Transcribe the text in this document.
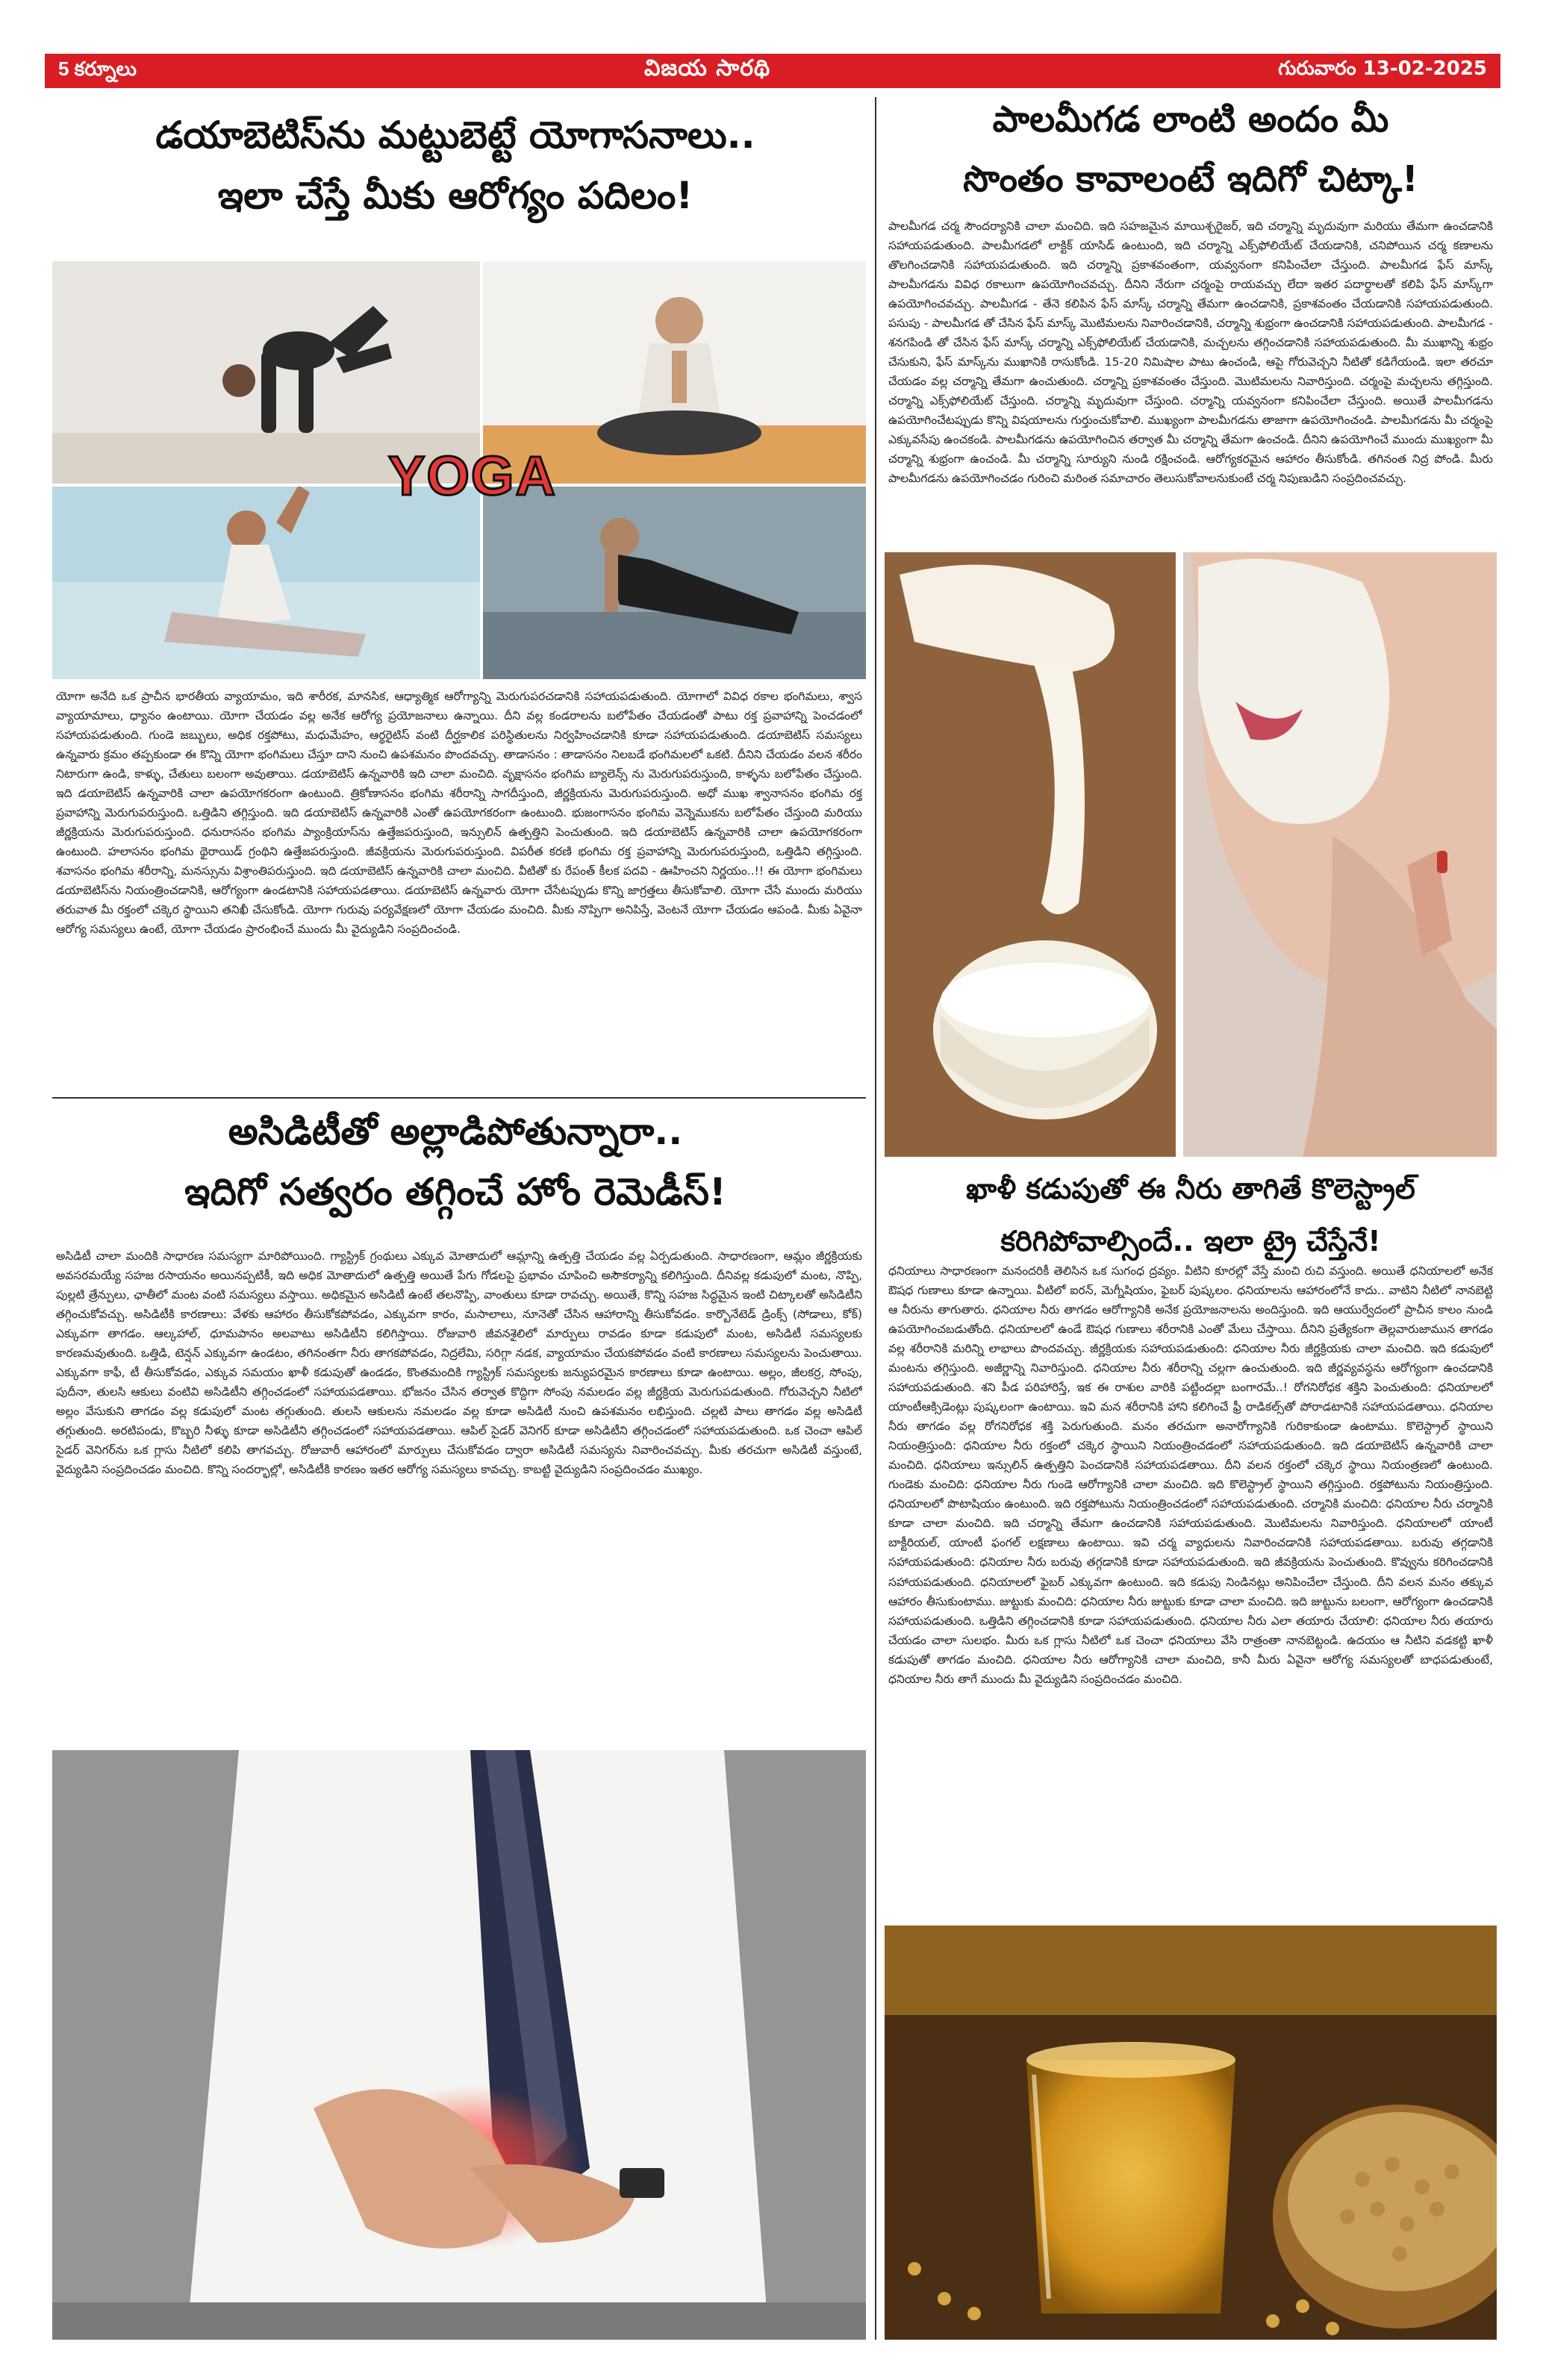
5 కర్నూలు	విజయ సారథి	గురువారం 13-02-2025
డయాబెటిస్‌ను మట్టుబెట్టే యోగాసనాలు..
ఇలా చేస్తే మీకు ఆరోగ్యం పదిలం!
YOGA
యోగా అనేది ఒక ప్రాచీన భారతీయ వ్యాయామం, ఇది శారీరక, మానసిక, ఆధ్యాత్మిక ఆరోగ్యాన్ని మెరుగుపరచడానికి సహాయపడుతుంది. యోగాలో వివిధ రకాల భంగిమలు, శ్వాస వ్యాయామాలు, ధ్యానం ఉంటాయి. యోగా చేయడం వల్ల అనేక ఆరోగ్య ప్రయోజనాలు ఉన్నాయి. దీని వల్ల కండరాలను బలోపేతం చేయడంతో పాటు రక్త ప్రవాహాన్ని పెంచడంలో సహాయపడుతుంది. గుండె జబ్బులు, అధిక రక్తపోటు, మధుమేహం, ఆర్థరైటిస్ వంటి దీర్ఘకాలిక పరిస్థితులను నిర్వహించడానికి కూడా సహాయపడుతుంది. డయాబెటిస్ సమస్యలు ఉన్నవారు క్రమం తప్పకుండా ఈ కొన్ని యోగా భంగిమలు చేస్తూ దాని నుంచి ఉపశమనం పొందవచ్చు. తాడాసనం : తాడాసనం నిలబడే భంగిమలలో ఒకటి. దీనిని చేయడం వలన శరీరం నిటారుగా ఉండి, కాళ్ళు, చేతులు బలంగా అవుతాయి. డయాబెటిస్ ఉన్నవారికి ఇది చాలా మంచిది. వృక్షాసనం భంగిమ బ్యాలెన్స్ ను మెరుగుపరుస్తుంది, కాళ్ళను బలోపేతం చేస్తుంది. ఇది డయాబెటిస్ ఉన్నవారికి చాలా ఉపయోగకరంగా ఉంటుంది. త్రికోణాసనం భంగిమ శరీరాన్ని సాగదీస్తుంది, జీర్ణక్రియను మెరుగుపరుస్తుంది. అధో ముఖ శ్వానాసనం భంగిమ రక్త ప్రవాహాన్ని మెరుగుపరుస్తుంది. ఒత్తిడిని తగ్గిస్తుంది. ఇది డయాబెటిస్ ఉన్నవారికి ఎంతో ఉపయోగకరంగా ఉంటుంది. భుజంగాసనం భంగిమ వెన్నెముకను బలోపేతం చేస్తుంది మరియు జీర్ణక్రియను మెరుగుపరుస్తుంది. ధనురాసనం భంగిమ ప్యాంక్రియాస్‌ను ఉత్తేజపరుస్తుంది, ఇన్సులిన్ ఉత్పత్తిని పెంచుతుంది. ఇది డయాబెటిస్ ఉన్నవారికి చాలా ఉపయోగకరంగా ఉంటుంది. హలాసనం భంగిమ థైరాయిడ్ గ్రంథిని ఉత్తేజపరుస్తుంది. జీవక్రియను మెరుగుపరుస్తుంది. విపరీత కరణి భంగిమ రక్త ప్రవాహాన్ని మెరుగుపరుస్తుంది, ఒత్తిడిని తగ్గిస్తుంది. శవాసనం భంగిమ శరీరాన్ని, మనస్సును విశ్రాంతిపరుస్తుంది. ఇది డయాబెటిస్ ఉన్నవారికి చాలా మంచిది. వీటితో కు రేపంత్ కీలక పదవి - ఊహించని నిర్ణయం..!! ఈ యోగా భంగిమలు డయాబెటిస్‌ను నియంత్రించడానికి, ఆరోగ్యంగా ఉండటానికి సహాయపడతాయి. డయాబెటిస్ ఉన్నవారు యోగా చేసేటప్పుడు కొన్ని జాగ్రత్తలు తీసుకోవాలి. యోగా చేసే ముందు మరియు తరువాత మీ రక్తంలో చక్కెర స్థాయిని తనిఖీ చేసుకోండి. యోగా గురువు పర్యవేక్షణలో యోగా చేయడం మంచిది. మీకు నొప్పిగా అనిపిస్తే, వెంటనే యోగా చేయడం ఆపండి. మీకు ఏవైనా ఆరోగ్య సమస్యలు ఉంటే, యోగా చేయడం ప్రారంభించే ముందు మీ వైద్యుడిని సంప్రదించండి.
అసిడిటీతో అల్లాడిపోతున్నారా..
ఇదిగో సత్వరం తగ్గించే హోం రెమెడీస్!
అసిడిటీ చాలా మందికి సాధారణ సమస్యగా మారిపోయింది. గ్యాస్ట్రిక్ గ్రంథులు ఎక్కువ మోతాదులో ఆమ్లాన్ని ఉత్పత్తి చేయడం వల్ల ఏర్పడుతుంది. సాధారణంగా, ఆమ్లం జీర్ణక్రియకు అవసరమయ్యే సహజ రసాయనం అయినప్పటికీ, ఇది అధిక మోతాదులో ఉత్పత్తి అయితే పేగు గోడలపై ప్రభావం చూపించి అసౌకర్యాన్ని కలిగిస్తుంది. దీనివల్ల కడుపులో మంట, నొప్పి, పుల్లటి త్రేన్పులు, ఛాతీలో మంట వంటి సమస్యలు వస్తాయి. అధికమైన అసిడిటీ ఉంటే తలనొప్పి, వాంతులు కూడా రావచ్చు. అయితే, కొన్ని సహజ సిద్ధమైన ఇంటి చిట్కాలతో అసిడిటీని తగ్గించుకోవచ్చు. అసిడిటీకి కారణాలు: వేళకు ఆహారం తీసుకోకపోవడం, ఎక్కువగా కారం, మసాలాలు, నూనెతో చేసిన ఆహారాన్ని తీసుకోవడం. కార్బొనేటెడ్ డ్రింక్స్ (సోడాలు, కోక్) ఎక్కువగా తాగడం. ఆల్కహాల్, ధూమపానం అలవాటు అసిడిటీని కలిగిస్తాయి. రోజువారి జీవనశైలిలో మార్పులు రావడం కూడా కడుపులో మంట, అసిడిటీ సమస్యలకు కారణమవుతుంది. ఒత్తిడి, టెన్షన్ ఎక్కువగా ఉండటం, తగినంతగా నీరు తాగకపోవడం, నిద్రలేమి, సరిగ్గా నడక, వ్యాయామం చేయకపోవడం వంటి కారణాలు సమస్యలను పెంచుతాయి. ఎక్కువగా కాఫీ, టీ తీసుకోవడం, ఎక్కువ సమయం ఖాళీ కడుపుతో ఉండడం, కొంతమందికి గ్యాస్ట్రిక్ సమస్యలకు జన్యుపరమైన కారణాలు కూడా ఉంటాయి. అల్లం, జీలకర్ర, సోంపు, పుదీనా, తులసి ఆకులు వంటివి అసిడిటీని తగ్గించడంలో సహాయపడతాయి. భోజనం చేసిన తర్వాత కొద్దిగా సోంపు నమలడం వల్ల జీర్ణక్రియ మెరుగుపడుతుంది. గోరువెచ్చని నీటిలో అల్లం వేసుకుని తాగడం వల్ల కడుపులో మంట తగ్గుతుంది. తులసి ఆకులను నమలడం వల్ల కూడా అసిడిటీ నుంచి ఉపశమనం లభిస్తుంది. చల్లటి పాలు తాగడం వల్ల అసిడిటీ తగ్గుతుంది. అరటిపండు, కొబ్బరి నీళ్ళు కూడా అసిడిటీని తగ్గించడంలో సహాయపడతాయి. ఆపిల్ సైడర్ వెనిగర్ కూడా అసిడిటీని తగ్గించడంలో సహాయపడుతుంది. ఒక చెంచా ఆపిల్ సైడర్ వెనిగర్‌ను ఒక గ్లాసు నీటిలో కలిపి తాగవచ్చు. రోజువారీ ఆహారంలో మార్పులు చేసుకోవడం ద్వారా అసిడిటీ సమస్యను నివారించవచ్చు. మీకు తరచుగా అసిడిటీ వస్తుంటే, వైద్యుడిని సంప్రదించడం మంచిది. కొన్ని సందర్భాల్లో, అసిడిటీకి కారణం ఇతర ఆరోగ్య సమస్యలు కావచ్చు. కాబట్టి వైద్యుడిని సంప్రదించడం ముఖ్యం.
పాలమీగడ లాంటి అందం మీ
సొంతం కావాలంటే ఇదిగో చిట్కా!
పాలమీగడ చర్మ సౌందర్యానికి చాలా మంచిది. ఇది సహజమైన మాయిశ్చరైజర్, ఇది చర్మాన్ని మృదువుగా మరియు తేమగా ఉంచడానికి సహాయపడుతుంది. పాలమీగడలో లాక్టిక్ యాసిడ్ ఉంటుంది, ఇది చర్మాన్ని ఎక్స్‌ఫోలియేట్ చేయడానికి, చనిపోయిన చర్మ కణాలను తొలగించడానికి సహాయపడుతుంది. ఇది చర్మాన్ని ప్రకాశవంతంగా, యవ్వనంగా కనిపించేలా చేస్తుంది. పాలమీగడ ఫేస్ మాస్క్ పాలమీగడను వివిధ రకాలుగా ఉపయోగించవచ్చు. దీనిని నేరుగా చర్మంపై రాయవచ్చు లేదా ఇతర పదార్థాలతో కలిపి ఫేస్ మాస్క్‌గా ఉపయోగించవచ్చు. పాలమీగడ - తేనె కలిపిన ఫేస్ మాస్క్ చర్మాన్ని తేమగా ఉంచడానికి, ప్రకాశవంతం చేయడానికి సహాయపడుతుంది. పసుపు - పాలమీగడ తో చేసిన ఫేస్ మాస్క్ మొటిమలను నివారించడానికి, చర్మాన్ని శుభ్రంగా ఉంచడానికి సహాయపడుతుంది. పాలమీగడ - శనగపిండి తో చేసిన ఫేస్ మాస్క్ చర్మాన్ని ఎక్స్‌ఫోలియేట్ చేయడానికి, మచ్చలను తగ్గించడానికి సహాయపడుతుంది. మీ ముఖాన్ని శుభ్రం చేసుకుని, ఫేస్ మాస్క్‌ను ముఖానికి రాసుకోండి. 15-20 నిమిషాల పాటు ఉంచండి, ఆపై గోరువెచ్చని నీటితో కడిగేయండి. ఇలా తరచూ చేయడం వల్ల చర్మాన్ని తేమగా ఉంచుతుంది. చర్మాన్ని ప్రకాశవంతం చేస్తుంది. మొటిమలను నివారిస్తుంది. చర్మంపై మచ్చలను తగ్గిస్తుంది. చర్మాన్ని ఎక్స్‌ఫోలియేట్ చేస్తుంది. చర్మాన్ని మృదువుగా చేస్తుంది. చర్మాన్ని యవ్వనంగా కనిపించేలా చేస్తుంది. అయితే పాలమీగడను ఉపయోగించేటప్పుడు కొన్ని విషయాలను గుర్తుంచుకోవాలి. ముఖ్యంగా పాలమీగడను తాజాగా ఉపయోగించండి. పాలమీగడను మీ చర్మంపై ఎక్కువసేపు ఉంచకండి. పాలమీగడను ఉపయోగించిన తర్వాత మీ చర్మాన్ని తేమగా ఉంచండి. దీనిని ఉపయోగించే ముందు ముఖ్యంగా మీ చర్మాన్ని శుభ్రంగా ఉంచండి. మీ చర్మాన్ని సూర్యుని నుండి రక్షించండి. ఆరోగ్యకరమైన ఆహారం తీసుకోండి. తగినంత నిద్ర పోండి. మీరు పాలమీగడను ఉపయోగించడం గురించి మరింత సమాచారం తెలుసుకోవాలనుకుంటే చర్మ నిపుణుడిని సంప్రదించవచ్చు.
ఖాళీ కడుపుతో ఈ నీరు తాగితే కొలెస్ట్రాల్
కరిగిపోవాల్సిందే.. ఇలా ట్రై చేస్తేనే!
ధనియాలు సాధారణంగా మనందరికీ తెలిసిన ఒక సుగంధ ద్రవ్యం. వీటిని కూరల్లో వేస్తే మంచి రుచి వస్తుంది. అయితే ధనియాలలో అనేక ఔషధ గుణాలు కూడా ఉన్నాయి. వీటిలో ఐరన్, మెగ్నీషియం, ఫైబర్ పుష్కలం. ధనియాలను ఆహారంలోనే కాదు.. వాటిని నీటిలో నానబెట్టి ఆ నీరును తాగుతారు. ధనియాల నీరు తాగడం ఆరోగ్యానికి అనేక ప్రయోజనాలను అందిస్తుంది. ఇది ఆయుర్వేదంలో ప్రాచీన కాలం నుండి ఉపయోగించబడుతోంది. ధనియాలలో ఉండే ఔషధ గుణాలు శరీరానికి ఎంతో మేలు చేస్తాయి. దీనిని ప్రత్యేకంగా తెల్లవారుజామున తాగడం వల్ల శరీరానికి మరిన్ని లాభాలు పొందవచ్చు. జీర్ణక్రియకు సహాయపడుతుంది: ధనియాల నీరు జీర్ణక్రియకు చాలా మంచిది. ఇది కడుపులో మంటను తగ్గిస్తుంది. అజీర్ణాన్ని నివారిస్తుంది. ధనియాల నీరు శరీరాన్ని చల్లగా ఉంచుతుంది. ఇది జీర్ణవ్యవస్థను ఆరోగ్యంగా ఉంచడానికి సహాయపడుతుంది. శని పీడ పరిహారిస్తే, ఇక ఈ రాశుల వారికి పట్టిందల్లా బంగారమే..! రోగనిరోధక శక్తిని పెంచుతుంది: ధనియాలలో యాంటీఆక్సిడెంట్లు పుష్కలంగా ఉంటాయి. ఇవి మన శరీరానికి హాని కలిగించే ఫ్రీ రాడికల్స్‌తో పోరాడటానికి సహాయపడతాయి. ధనియాల నీరు తాగడం వల్ల రోగనిరోధక శక్తి పెరుగుతుంది. మనం తరచుగా అనారోగ్యానికి గురికాకుండా ఉంటాము. కొలెస్ట్రాల్ స్థాయిని నియంత్రిస్తుంది: ధనియాల నీరు రక్తంలో చక్కెర స్థాయిని నియంత్రించడంలో సహాయపడుతుంది. ఇది డయాబెటిస్ ఉన్నవారికి చాలా మంచిది. ధనియాలు ఇన్సులిన్ ఉత్పత్తిని పెంచడానికి సహాయపడతాయి. దీని వలన రక్తంలో చక్కెర స్థాయి నియంత్రణలో ఉంటుంది. గుండెకు మంచిది: ధనియాల నీరు గుండె ఆరోగ్యానికి చాలా మంచిది. ఇది కొలెస్ట్రాల్ స్థాయిని తగ్గిస్తుంది. రక్తపోటును నియంత్రిస్తుంది. ధనియాలలో పొటాషియం ఉంటుంది. ఇది రక్తపోటును నియంత్రించడంలో సహాయపడుతుంది. చర్మానికి మంచిది: ధనియాల నీరు చర్మానికి కూడా చాలా మంచిది. ఇది చర్మాన్ని తేమగా ఉంచడానికి సహాయపడుతుంది. మొటిమలను నివారిస్తుంది. ధనియాలలో యాంటీ బాక్టీరియల్, యాంటీ ఫంగల్ లక్షణాలు ఉంటాయి. ఇవి చర్మ వ్యాధులను నివారించడానికి సహాయపడతాయి. బరువు తగ్గడానికి సహాయపడుతుంది: ధనియాల నీరు బరువు తగ్గడానికి కూడా సహాయపడుతుంది. ఇది జీవక్రియను పెంచుతుంది. కొవ్వును కరిగించడానికి సహాయపడుతుంది. ధనియాలలో ఫైబర్ ఎక్కువగా ఉంటుంది. ఇది కడుపు నిండినట్లు అనిపించేలా చేస్తుంది. దీని వలన మనం తక్కువ ఆహారం తీసుకుంటాము. జుట్టుకు మంచిది: ధనియాల నీరు జుట్టుకు కూడా చాలా మంచిది. ఇది జుట్టును బలంగా, ఆరోగ్యంగా ఉంచడానికి సహాయపడుతుంది. ఒత్తిడిని తగ్గించడానికి కూడా సహాయపడుతుంది. ధనియాల నీరు ఎలా తయారు చేయాలి: ధనియాల నీరు తయారు చేయడం చాలా సులభం. మీరు ఒక గ్లాసు నీటిలో ఒక చెంచా ధనియాలు వేసి రాత్రంతా నానబెట్టండి. ఉదయం ఆ నీటిని వడకట్టి ఖాళీ కడుపుతో తాగడం మంచిది. ధనియాల నీరు ఆరోగ్యానికి చాలా మంచిది, కానీ మీరు ఏవైనా ఆరోగ్య సమస్యలతో బాధపడుతుంటే, ధనియాల నీరు తాగే ముందు మీ వైద్యుడిని సంప్రదించడం మంచిది.
